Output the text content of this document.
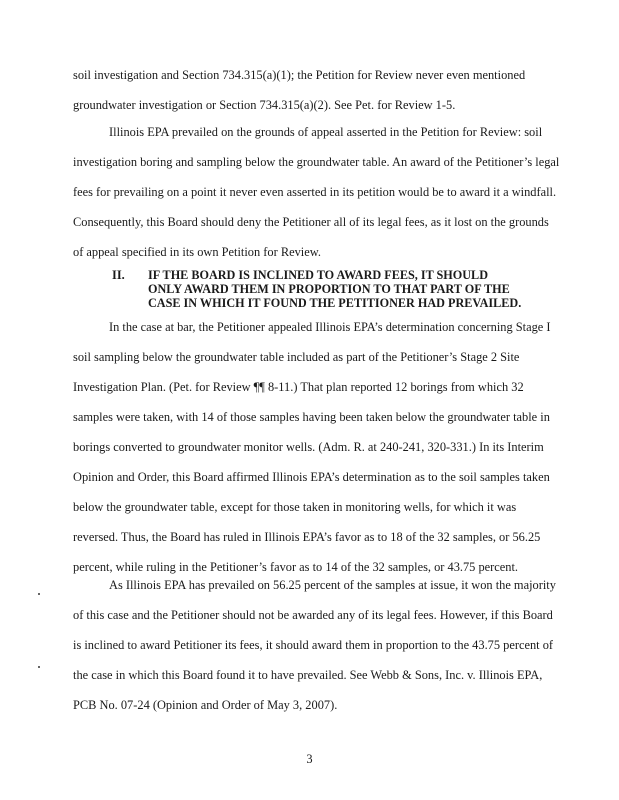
soil investigation and Section 734.315(a)(1); the Petition for Review never even mentioned
groundwater investigation or Section 734.315(a)(2). See Pet. for Review 1-5.
Illinois EPA prevailed on the grounds of appeal asserted in the Petition for Review: soil
investigation boring and sampling below the groundwater table. An award of the Petitioner’s legal
fees for prevailing on a point it never even asserted in its petition would be to award it a windfall.
Consequently, this Board should deny the Petitioner all of its legal fees, as it lost on the grounds
of appeal specified in its own Petition for Review.
II. IF THE BOARD IS INCLINED TO AWARD FEES, IT SHOULD
ONLY AWARD THEM IN PROPORTION TO THAT PART OF THE
CASE IN WHICH IT FOUND THE PETITIONER HAD PREVAILED.
In the case at bar, the Petitioner appealed Illinois EPA’s determination concerning Stage I
soil sampling below the groundwater table included as part of the Petitioner’s Stage 2 Site
Investigation Plan. (Pet. for Review ¶¶ 8-11.) That plan reported 12 borings from which 32
samples were taken, with 14 of those samples having been taken below the groundwater table in
borings converted to groundwater monitor wells. (Adm. R. at 240-241, 320-331.) In its Interim
Opinion and Order, this Board affirmed Illinois EPA’s determination as to the soil samples taken
below the groundwater table, except for those taken in monitoring wells, for which it was
reversed. Thus, the Board has ruled in Illinois EPA’s favor as to 18 of the 32 samples, or 56.25
percent, while ruling in the Petitioner’s favor as to 14 of the 32 samples, or 43.75 percent.
As Illinois EPA has prevailed on 56.25 percent of the samples at issue, it won the majority
of this case and the Petitioner should not be awarded any of its legal fees. However, if this Board
is inclined to award Petitioner its fees, it should award them in proportion to the 43.75 percent of
the case in which this Board found it to have prevailed. See Webb & Sons, Inc. v. Illinois EPA,
PCB No. 07-24 (Opinion and Order of May 3, 2007).
3
